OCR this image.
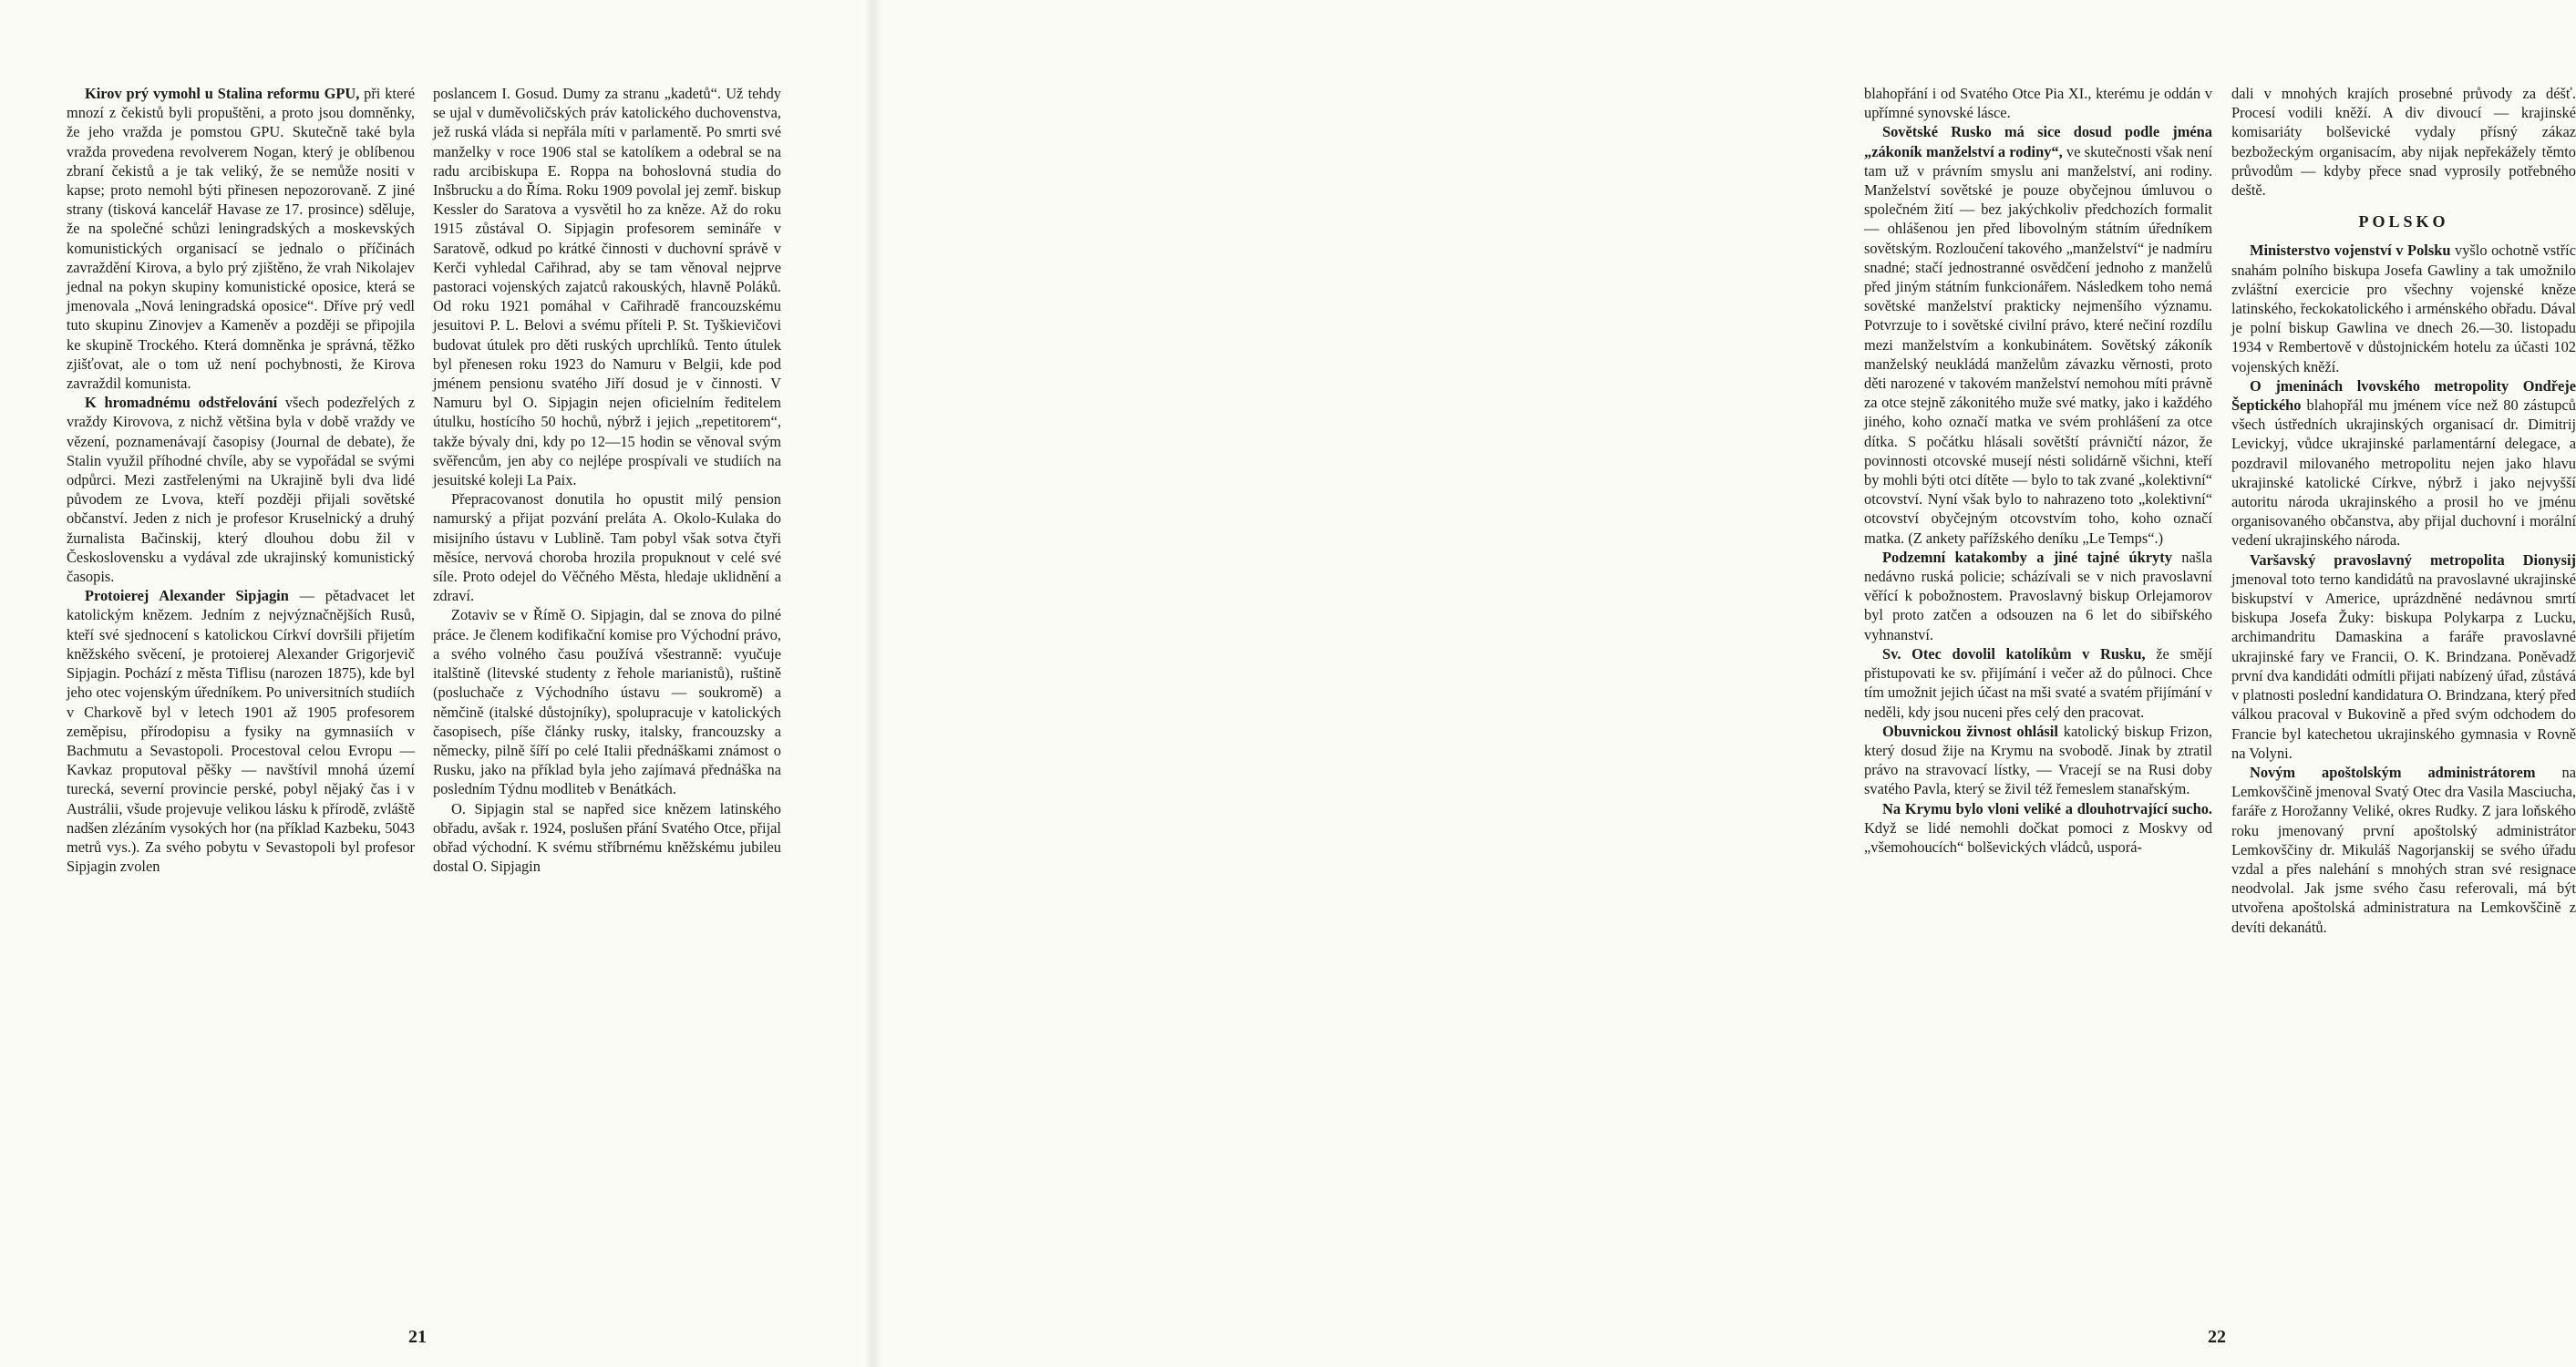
Kirov prý vymohl u Stalina reformu GPU, při které mnozí z čekistů byli propuštěni, a proto jsou domněnky, že jeho vražda je pomstou GPU. Skutečně také byla vražda provedena revolverem Nogan, který je oblíbenou zbraní čekistů a je tak veliký, že se nemůže nositi v kapse; proto nemohl býti přinesen nepozorovaně. Z jiné strany (tisková kancelář Havase ze 17. prosince) sděluje, že na společné schůzi leningradských a moskevských komunistických organisací se jednalo o příčinách zavraždění Kirova, a bylo prý zjištěno, že vrah Nikolajev jednal na pokyn skupiny komunistické oposice, která se jmenovala „Nová leningradská oposice“. Dříve prý vedl tuto skupinu Zinovjev a Kameněv a později se připojila ke skupině Trockého. Která domněnka je správná, těžko zjišťovat, ale o tom už není pochybnosti, že Kirova zavraždil komunista.

K hromadnému odstřelování všech podezřelých z vraždy Kirovova, z nichž většina byla v době vraždy ve vězení, poznamenávají časopisy (Journal de debate), že Stalin využil příhodné chvíle, aby se vypořádal se svými odpůrci. Mezi zastřelenými na Ukrajině byli dva lidé původem ze Lvova, kteří později přijali sovětské občanství. Jeden z nich je profesor Kruselnický a druhý žurnalista Bačinskij, který dlouhou dobu žil v Československu a vydával zde ukrajinský komunistický časopis.

Protoierej Alexander Sipjagin — pětadvacet let katolickým knězem. Jedním z nejvýznačnějších Rusů, kteří své sjednocení s katolickou Církví dovršili přijetím kněžského svěcení, je protoierej Alexander Grigorjevič Sipjagin. Pochází z města Tiflisu (narozen 1875), kde byl jeho otec vojenským úředníkem. Po universitních studiích v Charkově byl v letech 1901 až 1905 profesorem zeměpisu, přírodopisu a fysiky na gymnasiích v Bachmutu a Sevastopoli. Procestoval celou Evropu — Kavkaz proputoval pěšky — navštívil mnohá území turecká, severní provincie perské, pobyl nějaký čas i v Austrálii, všude projevuje velikou lásku k přírodě, zvláště nadšen zlézáním vysokých hor (na příklad Kazbeku, 5043 metrů vys.). Za svého pobytu v Sevastopoli byl profesor Sipjagin zvolen

poslancem I. Gosud. Dumy za stranu „kadetů“. Už tehdy se ujal v duměvoličských práv katolického duchovenstva, jež ruská vláda si nepřála míti v parlamentě. Po smrti své manželky v roce 1906 stal se katolíkem a odebral se na radu arcibiskupa E. Roppa na bohoslovná studia do Inšbrucku a do Říma. Roku 1909 povolal jej zemř. biskup Kessler do Saratova a vysvětil ho za kněze. Až do roku 1915 zůstával O. Sipjagin profesorem semináře v Saratově, odkud po krátké činnosti v duchovní správě v Kerči vyhledal Cařihrad, aby se tam věnoval nejprve pastoraci vojenských zajatců rakouských, hlavně Poláků. Od roku 1921 pomáhal v Cařihradě francouzskému jesuitovi P. L. Belovi a svému příteli P. St. Tyškievičovi budovat útulek pro děti ruských uprchlíků. Tento útulek byl přenesen roku 1923 do Namuru v Belgii, kde pod jménem pensionu svatého Jiří dosud je v činnosti. V Namuru byl O. Sipjagin nejen oficielním ředitelem útulku, hostícího 50 hochů, nýbrž i jejich „repetitorem“, takže bývaly dni, kdy po 12—15 hodin se věnoval svým svěřencům, jen aby co nejlépe prospívali ve studiích na jesuitské koleji La Paix.

Přepracovanost donutila ho opustit milý pension namurský a přijat pozvání preláta A. Okolo-Kulaka do misijního ústavu v Lublině. Tam pobyl však sotva čtyři měsíce, nervová choroba hrozila propuknout v celé své síle. Proto odejel do Věčného Města, hledaje uklidnění a zdraví.

Zotaviv se v Římě O. Sipjagin, dal se znova do pilné práce. Je členem kodifikační komise pro Východní právo, a svého volného času používá všestranně: vyučuje italštině (litevské studenty z řehole marianistů), ruštině (posluchače z Východního ústavu — soukromě) a němčině (italské důstojníky), spolupracuje v katolických časopisech, píše články rusky, italsky, francouzsky a německy, pilně šíří po celé Italii přednáškami známost o Rusku, jako na příklad byla jeho zajímavá přednáška na posledním Týdnu modliteb v Benátkách.

O. Sipjagin stal se napřed sice knězem latinského obřadu, avšak r. 1924, poslušen přání Svatého Otce, přijal obřad východní. K svému stříbrnému kněžskému jubileu dostal O. Sipjagin

21

blahopřání i od Svatého Otce Pia XI., kterému je oddán v upřímné synovské lásce.

Sovětské Rusko má sice dosud podle jména „zákoník manželství a rodiny“, ve skutečnosti však není tam už v právním smyslu ani manželství, ani rodiny. Manželství sovětské je pouze obyčejnou úmluvou o společném žití — bez jakýchkoliv předchozích formalit — ohlášenou jen před libovolným státním úředníkem sovětským. Rozloučení takového „manželství“ je nadmíru snadné; stačí jednostranné osvědčení jednoho z manželů před jiným státním funkcionářem. Následkem toho nemá sovětské manželství prakticky nejmenšího významu. Potvrzuje to i sovětské civilní právo, které nečiní rozdílu mezi manželstvím a konkubinátem. Sovětský zákoník manželský neukládá manželům závazku věrnosti, proto děti narozené v takovém manželství nemohou míti právně za otce stejně zákonitého muže své matky, jako i každého jiného, koho označí matka ve svém prohlášení za otce dítka. S počátku hlásali sovětští právničtí názor, že povinnosti otcovské musejí nésti solidárně všichni, kteří by mohli býti otci dítěte — bylo to tak zvané „kolektivní“ otcovství. Nyní však bylo to nahrazeno toto „kolektivní“ otcovství obyčejným otcovstvím toho, koho označí matka. (Z ankety pařížského deníku „Le Temps“.)

Podzemní katakomby a jiné tajné úkryty našla nedávno ruská policie; scházívali se v nich pravoslavní věřící k pobožnostem. Pravoslavný biskup Orlejamorov byl proto zatčen a odsouzen na 6 let do sibiřského vyhnanství.

Sv. Otec dovolil katolíkům v Rusku, že smějí přistupovati ke sv. přijímání i večer až do půlnoci. Chce tím umožnit jejich účast na mši svaté a svatém přijímání v neděli, kdy jsou nuceni přes celý den pracovat.

Obuvnickou živnost ohlásil katolický biskup Frizon, který dosud žije na Krymu na svobodě. Jinak by ztratil právo na stravovací lístky, — Vracejí se na Rusi doby svatého Pavla, který se živil též řemeslem stanařským.

Na Krymu bylo vloni veliké a dlouhotrvající sucho. Když se lidé nemohli dočkat pomoci z Moskvy od „všemohoucích“ bolševických vládců, usporá-

dali v mnohých krajích prosebné průvody za déšť. Procesí vodili kněží. A div divoucí — krajinské komisariáty bolševické vydaly přísný zákaz bezbožeckým organisacím, aby nijak nepřekážely těmto průvodům — kdyby přece snad vyprosily potřebného deště.

POLSKO

Ministerstvo vojenství v Polsku vyšlo ochotně vstříc snahám polního biskupa Josefa Gawliny a tak umožnilo zvláštní exercicie pro všechny vojenské kněze latinského, řeckokatolického i arménského obřadu. Dával je polní biskup Gawlina ve dnech 26.—30. listopadu 1934 v Rembertově v důstojnickém hotelu za účasti 102 vojenských kněží.

O jmeninách lvovského metropolity Ondřeje Šeptického blahopřál mu jménem více než 80 zástupců všech ústředních ukrajinských organisací dr. Dimitrij Levickyj, vůdce ukrajinské parlamentární delegace, a pozdravil milovaného metropolitu nejen jako hlavu ukrajinské katolické Církve, nýbrž i jako nejvyšší autoritu národa ukrajinského a prosil ho ve jménu organisovaného občanstva, aby přijal duchovní i morální vedení ukrajinského národa.

Varšavský pravoslavný metropolita Dionysij jmenoval toto terno kandidátů na pravoslavné ukrajinské biskupství v Americe, uprázdněné nedávnou smrtí biskupa Josefa Žuky: biskupa Polykarpa z Lucku, archimandritu Damaskina a faráře pravoslavné ukrajinské fary ve Francii, O. K. Brindzana. Poněvadž první dva kandidáti odmítli přijati nabízený úřad, zůstává v platnosti poslední kandidatura O. Brindzana, který před válkou pracoval v Bukovině a před svým odchodem do Francie byl katechetou ukrajinského gymnasia v Rovně na Volyni.

Novým apoštolským administrátorem na Lemkovščině jmenoval Svatý Otec dra Vasila Masciucha, faráře z Horožanny Veliké, okres Rudky. Z jara loňského roku jmenovaný první apoštolský administrátor Lemkovščiny dr. Mikuláš Nagorjanskij se svého úřadu vzdal a přes nalehání s mnohých stran své resignace neodvolal. Jak jsme svého času referovali, má být utvořena apoštolská administratura na Lemkovščině z devíti dekanátů.

22
